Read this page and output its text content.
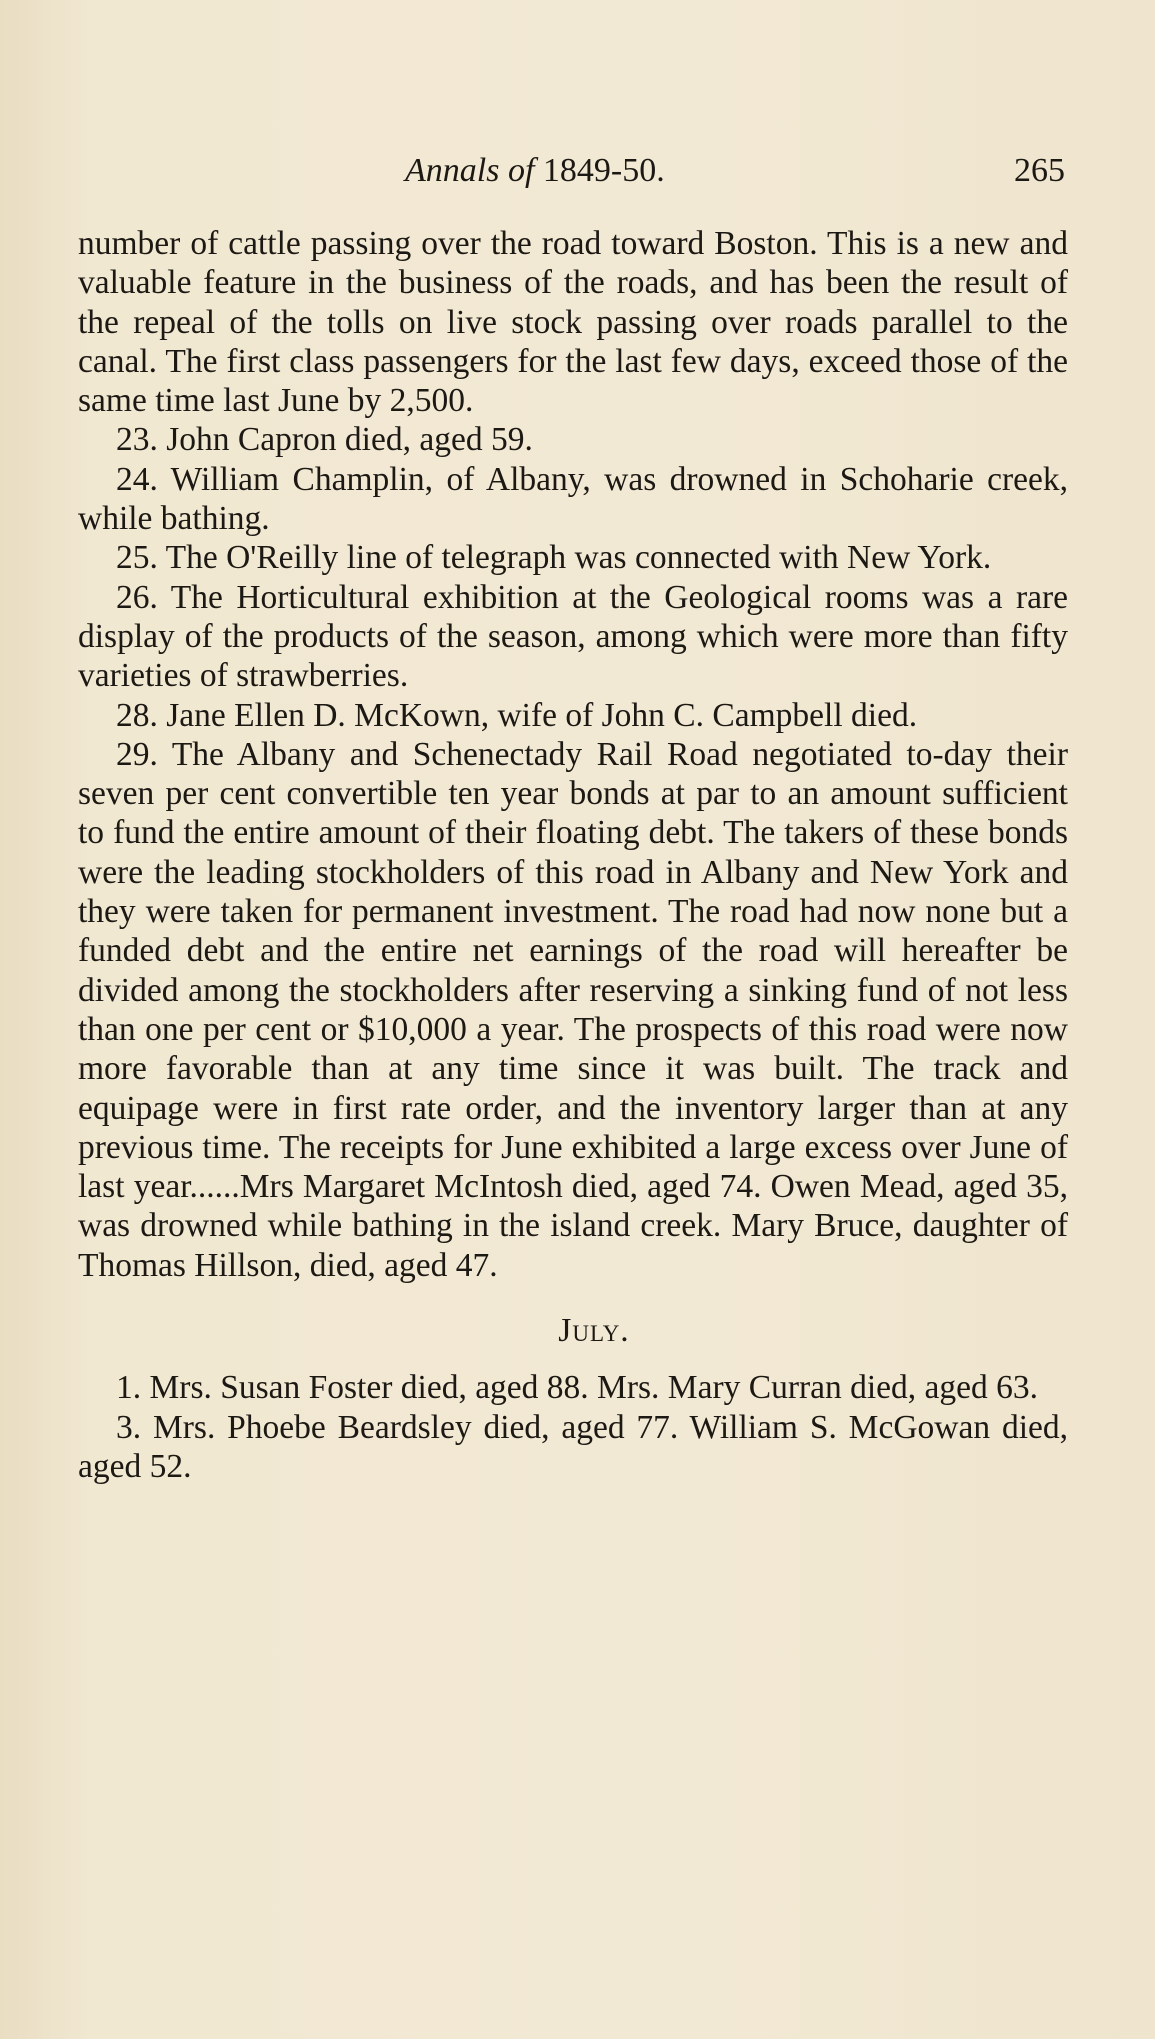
Annals of 1849-50.	265

number of cattle passing over the road toward Boston. This is a new and valuable feature in the business of the roads, and has been the result of the repeal of the tolls on live stock passing over roads parallel to the canal. The first class passengers for the last few days, exceed those of the same time last June by 2,500.

23. John Capron died, aged 59.

24. William Champlin, of Albany, was drowned in Schoharie creek, while bathing.

25. The O'Reilly line of telegraph was connected with New York.

26. The Horticultural exhibition at the Geological rooms was a rare display of the products of the season, among which were more than fifty varieties of strawberries.

28. Jane Ellen D. McKown, wife of John C. Campbell died.

29. The Albany and Schenectady Rail Road negotiated to-day their seven per cent convertible ten year bonds at par to an amount sufficient to fund the entire amount of their floating debt. The takers of these bonds were the leading stockholders of this road in Albany and New York and they were taken for permanent investment. The road had now none but a funded debt and the entire net earnings of the road will hereafter be divided among the stockholders after reserving a sinking fund of not less than one per cent or $10,000 a year. The prospects of this road were now more favorable than at any time since it was built. The track and equipage were in first rate order, and the inventory larger than at any previous time. The receipts for June exhibited a large excess over June of last year......Mrs Margaret McIntosh died, aged 74. Owen Mead, aged 35, was drowned while bathing in the island creek. Mary Bruce, daughter of Thomas Hillson, died, aged 47.

July.

1. Mrs. Susan Foster died, aged 88. Mrs. Mary Curran died, aged 63.

3. Mrs. Phoebe Beardsley died, aged 77. William S. McGowan died, aged 52.
